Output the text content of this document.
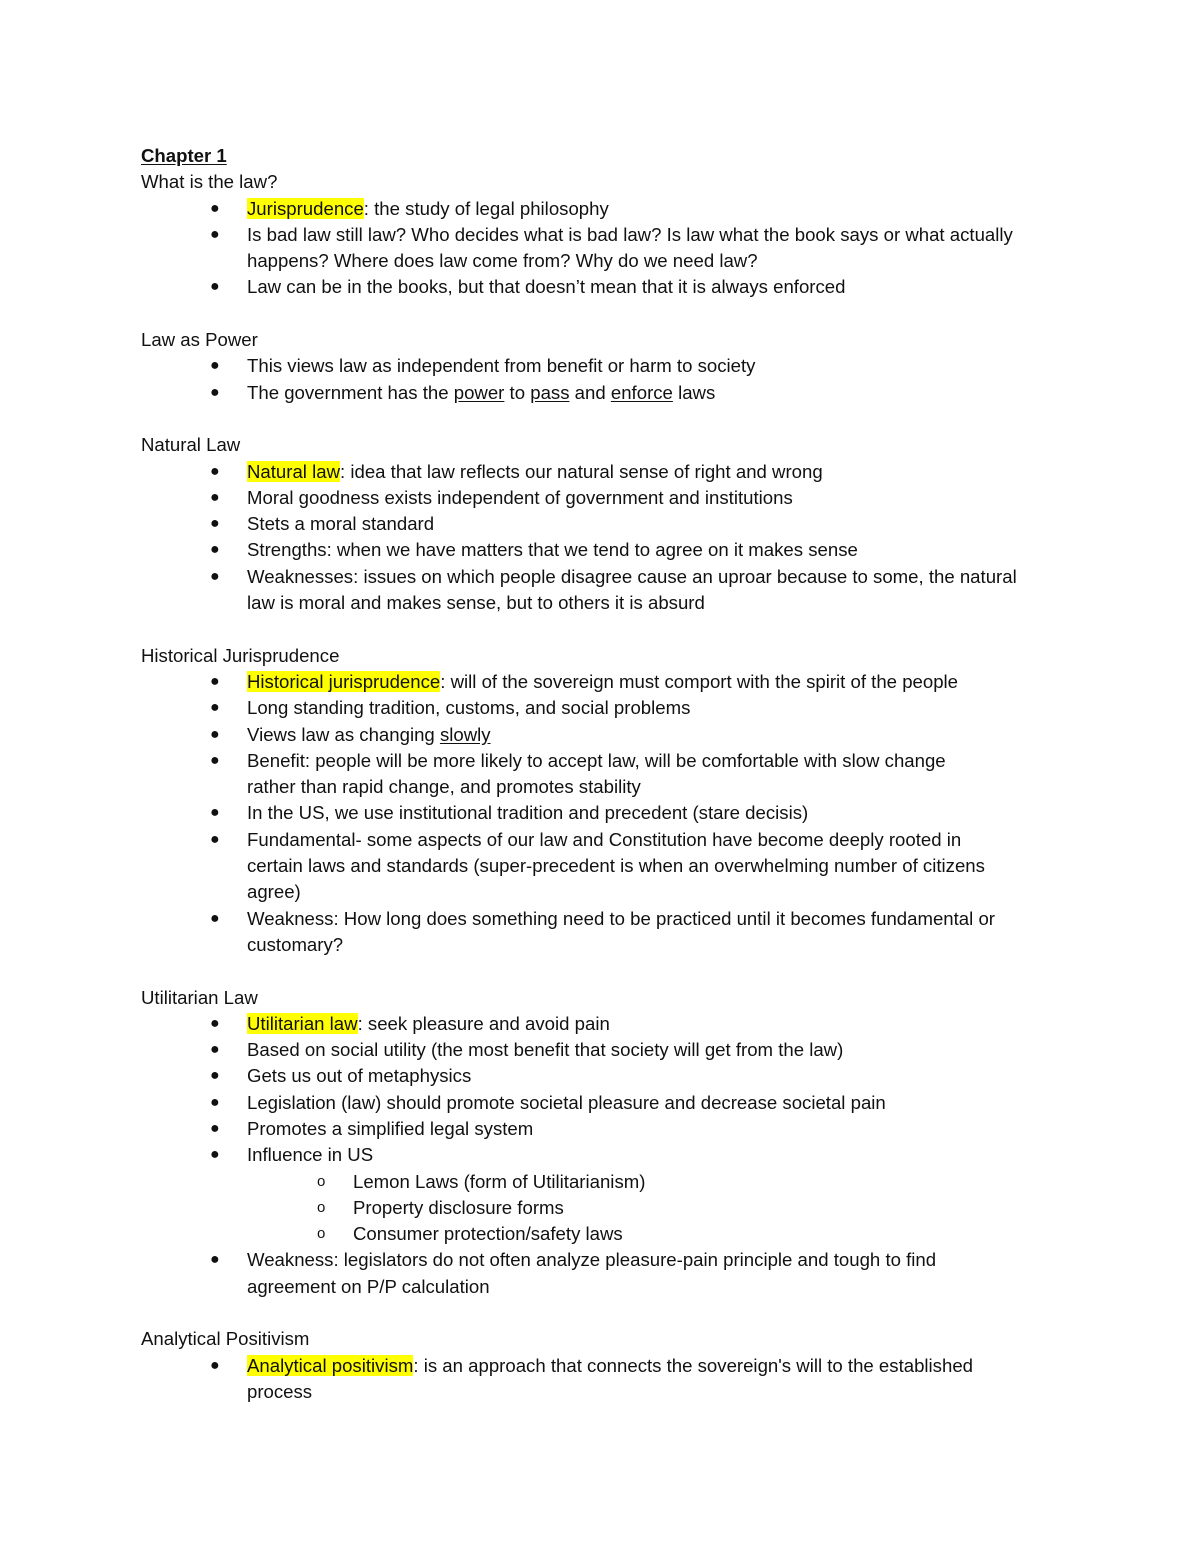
Chapter 1
What is the law?
● Jurisprudence: the study of legal philosophy
● Is bad law still law? Who decides what is bad law? Is law what the book says or what actually
happens? Where does law come from? Why do we need law?
● Law can be in the books, but that doesn’t mean that it is always enforced
Law as Power
● This views law as independent from benefit or harm to society
● The government has the power to pass and enforce laws
Natural Law
● Natural law: idea that law reflects our natural sense of right and wrong
● Moral goodness exists independent of government and institutions
● Stets a moral standard
● Strengths: when we have matters that we tend to agree on it makes sense
● Weaknesses: issues on which people disagree cause an uproar because to some, the natural
law is moral and makes sense, but to others it is absurd
Historical Jurisprudence
● Historical jurisprudence: will of the sovereign must comport with the spirit of the people
● Long standing tradition, customs, and social problems
● Views law as changing slowly
● Benefit: people will be more likely to accept law, will be comfortable with slow change
rather than rapid change, and promotes stability
● In the US, we use institutional tradition and precedent (stare decisis)
● Fundamental- some aspects of our law and Constitution have become deeply rooted in
certain laws and standards (super-precedent is when an overwhelming number of citizens
agree)
● Weakness: How long does something need to be practiced until it becomes fundamental or
customary?
Utilitarian Law
● Utilitarian law: seek pleasure and avoid pain
● Based on social utility (the most benefit that society will get from the law)
● Gets us out of metaphysics
● Legislation (law) should promote societal pleasure and decrease societal pain
● Promotes a simplified legal system
● Influence in US
o Lemon Laws (form of Utilitarianism)
o Property disclosure forms
o Consumer protection/safety laws
● Weakness: legislators do not often analyze pleasure-pain principle and tough to find
agreement on P/P calculation
Analytical Positivism
● Analytical positivism: is an approach that connects the sovereign's will to the established
process
